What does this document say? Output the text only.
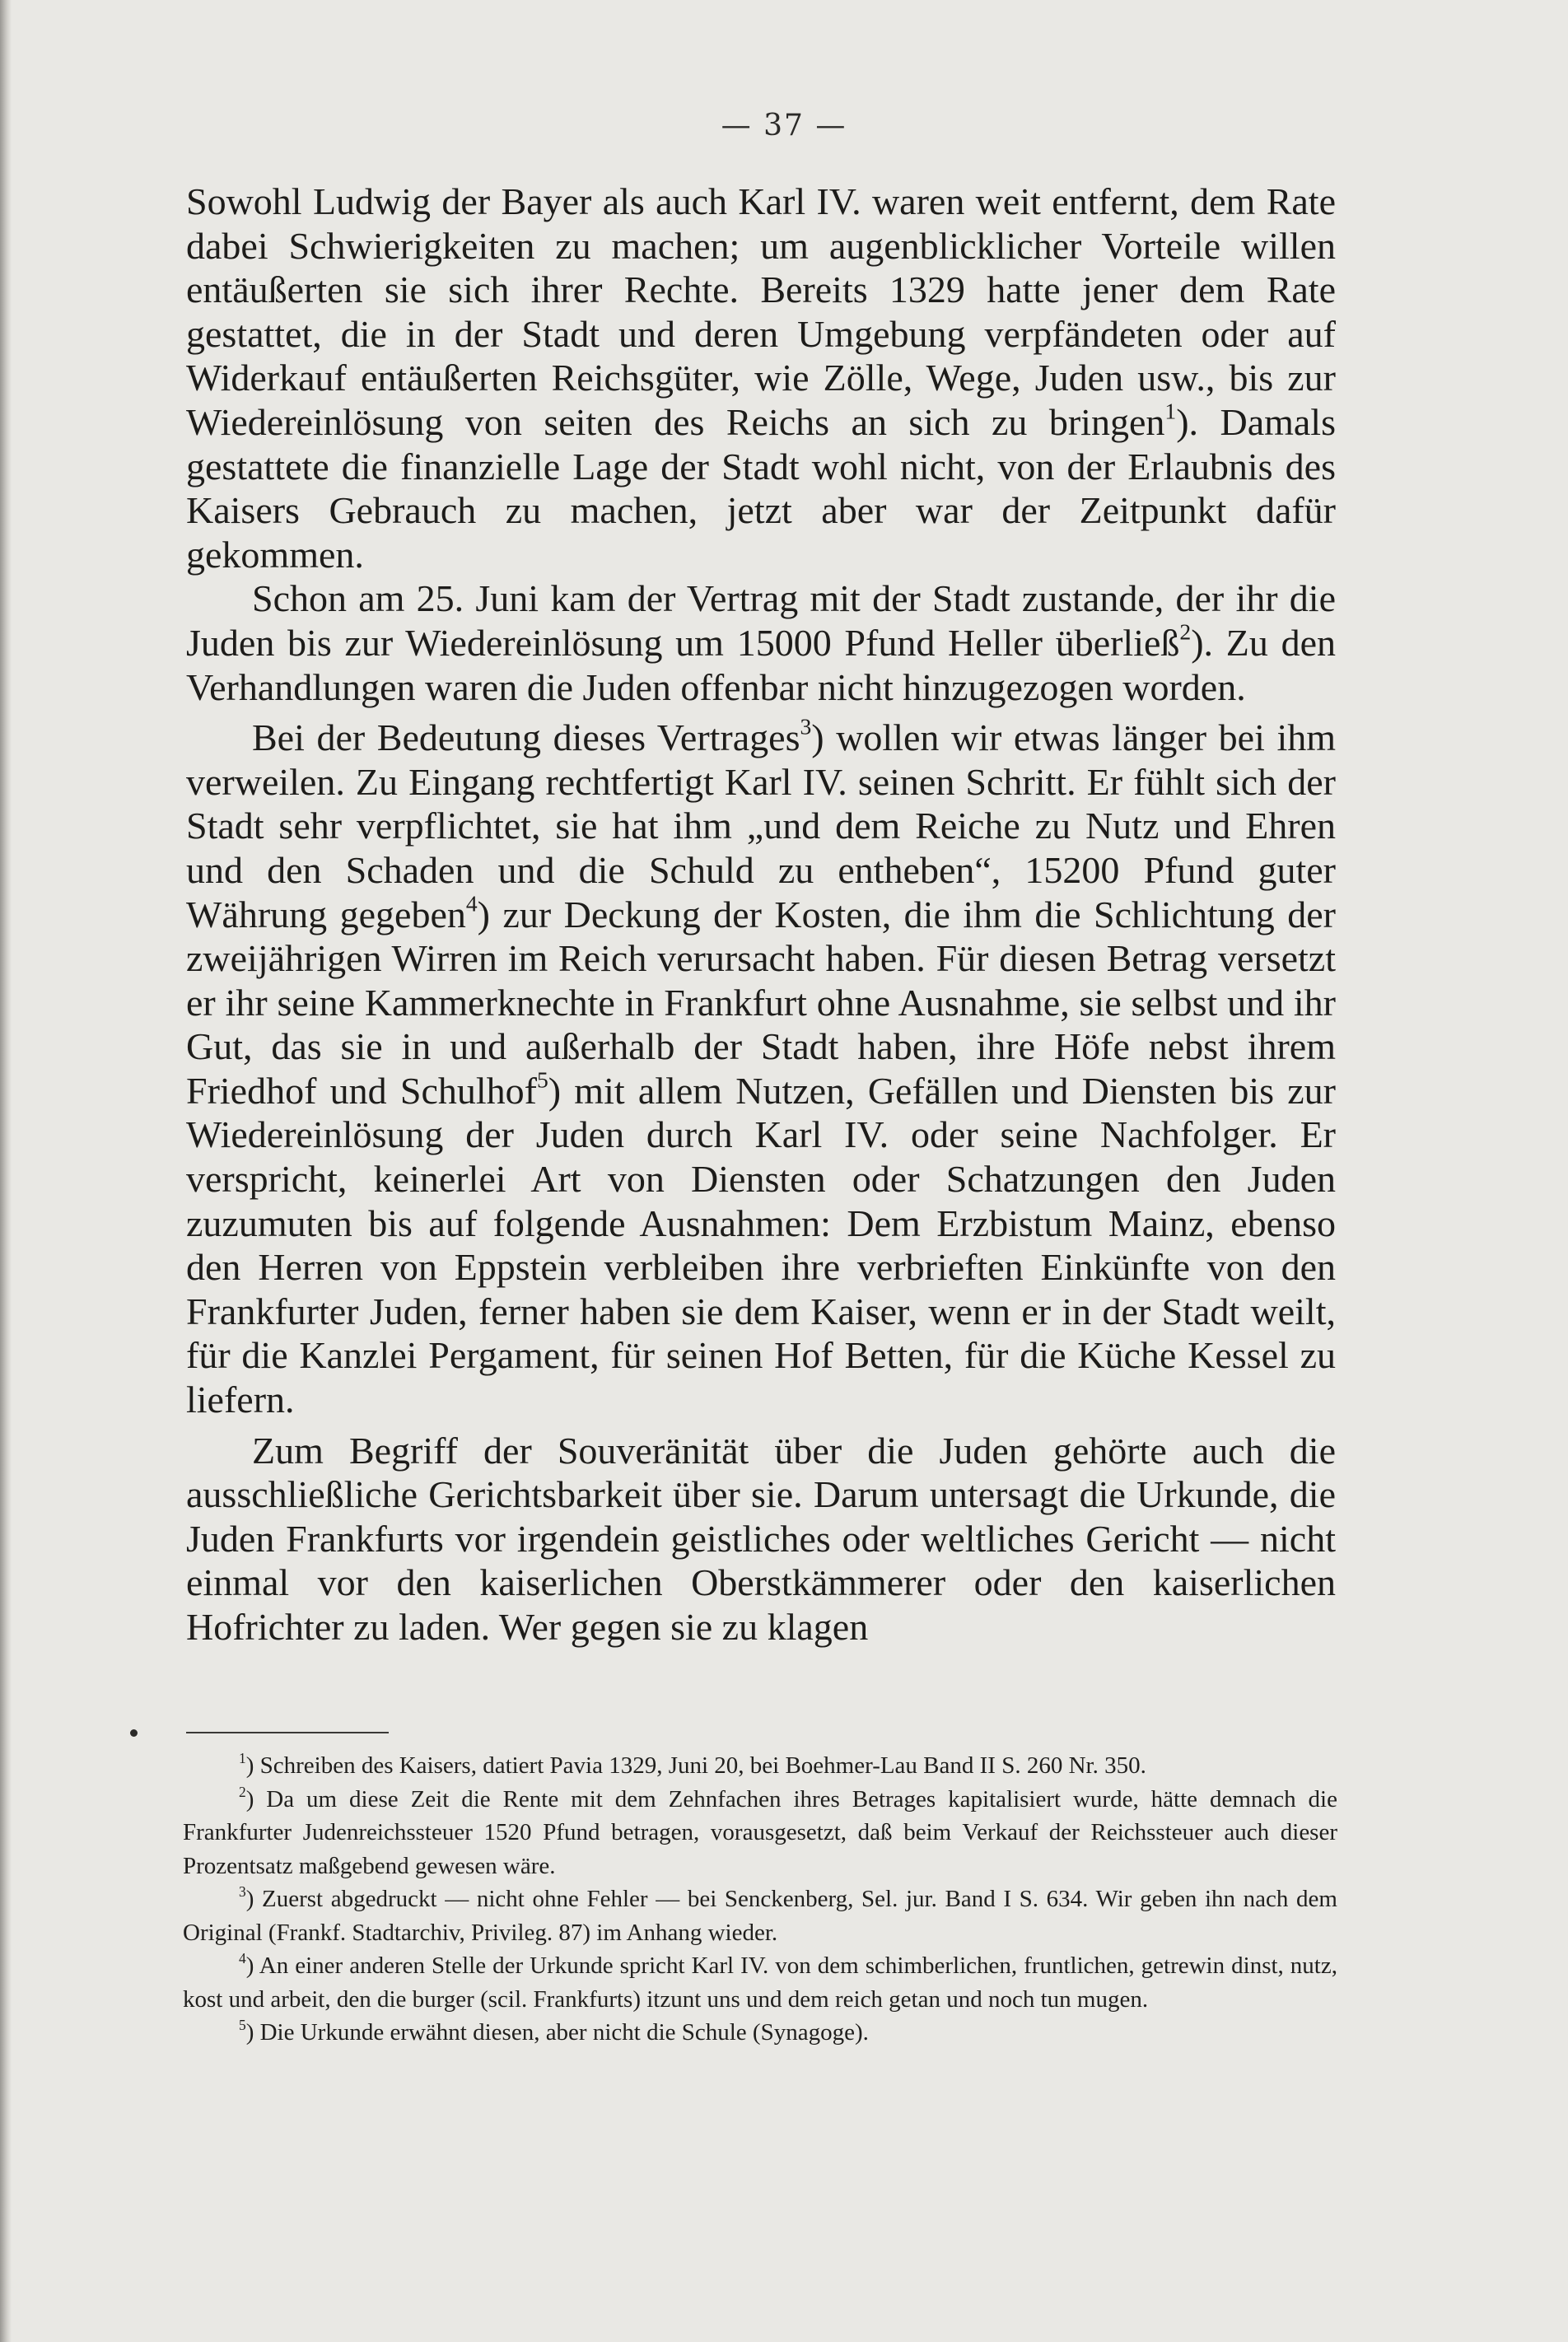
— 37 —

Sowohl Ludwig der Bayer als auch Karl IV. waren weit entfernt, dem Rate dabei Schwierigkeiten zu machen; um augenblicklicher Vorteile willen entäußerten sie sich ihrer Rechte. Bereits 1329 hatte jener dem Rate gestattet, die in der Stadt und deren Umgebung verpfändeten oder auf Widerkauf entäußerten Reichsgüter, wie Zölle, Wege, Juden usw., bis zur Wiedereinlösung von seiten des Reichs an sich zu bringen$^1$). Damals gestattete die finanzielle Lage der Stadt wohl nicht, von der Erlaubnis des Kaisers Gebrauch zu machen, jetzt aber war der Zeitpunkt dafür gekommen.

Schon am 25. Juni kam der Vertrag mit der Stadt zustande, der ihr die Juden bis zur Wiedereinlösung um 15000 Pfund Heller überließ$^2$). Zu den Verhandlungen waren die Juden offenbar nicht hinzugezogen worden.

Bei der Bedeutung dieses Vertrages$^3$) wollen wir etwas länger bei ihm verweilen. Zu Eingang rechtfertigt Karl IV. seinen Schritt. Er fühlt sich der Stadt sehr verpflichtet, sie hat ihm „und dem Reiche zu Nutz und Ehren und den Schaden und die Schuld zu entheben“, 15200 Pfund guter Währung gegeben$^4$) zur Deckung der Kosten, die ihm die Schlichtung der zweijährigen Wirren im Reich verursacht haben. Für diesen Betrag versetzt er ihr seine Kammerknechte in Frankfurt ohne Ausnahme, sie selbst und ihr Gut, das sie in und außerhalb der Stadt haben, ihre Höfe nebst ihrem Friedhof und Schulhof$^5$) mit allem Nutzen, Gefällen und Diensten bis zur Wiedereinlösung der Juden durch Karl IV. oder seine Nachfolger. Er verspricht, keinerlei Art von Diensten oder Schatzungen den Juden zuzumuten bis auf folgende Ausnahmen: Dem Erzbistum Mainz, ebenso den Herren von Eppstein verbleiben ihre verbrieften Einkünfte von den Frankfurter Juden, ferner haben sie dem Kaiser, wenn er in der Stadt weilt, für die Kanzlei Pergament, für seinen Hof Betten, für die Küche Kessel zu liefern.

Zum Begriff der Souveränität über die Juden gehörte auch die ausschließliche Gerichtsbarkeit über sie. Darum untersagt die Urkunde, die Juden Frankfurts vor irgendein geistliches oder weltliches Gericht — nicht einmal vor den kaiserlichen Oberstkämmerer oder den kaiserlichen Hofrichter zu laden. Wer gegen sie zu klagen

$^1$) Schreiben des Kaisers, datiert Pavia 1329, Juni 20, bei Boehmer-Lau Band II S. 260 Nr. 350.

$^2$) Da um diese Zeit die Rente mit dem Zehnfachen ihres Betrages kapitalisiert wurde, hätte demnach die Frankfurter Judenreichssteuer 1520 Pfund betragen, vorausgesetzt, daß beim Verkauf der Reichssteuer auch dieser Prozentsatz maßgebend gewesen wäre.

$^3$) Zuerst abgedruckt — nicht ohne Fehler — bei Senckenberg, Sel. jur. Band I S. 634. Wir geben ihn nach dem Original (Frankf. Stadtarchiv, Privileg. 87) im Anhang wieder.

$^4$) An einer anderen Stelle der Urkunde spricht Karl IV. von dem schimberlichen, fruntlichen, getrewin dinst, nutz, kost und arbeit, den die burger (scil. Frankfurts) itzunt uns und dem reich getan und noch tun mugen.

$^5$) Die Urkunde erwähnt diesen, aber nicht die Schule (Synagoge).
